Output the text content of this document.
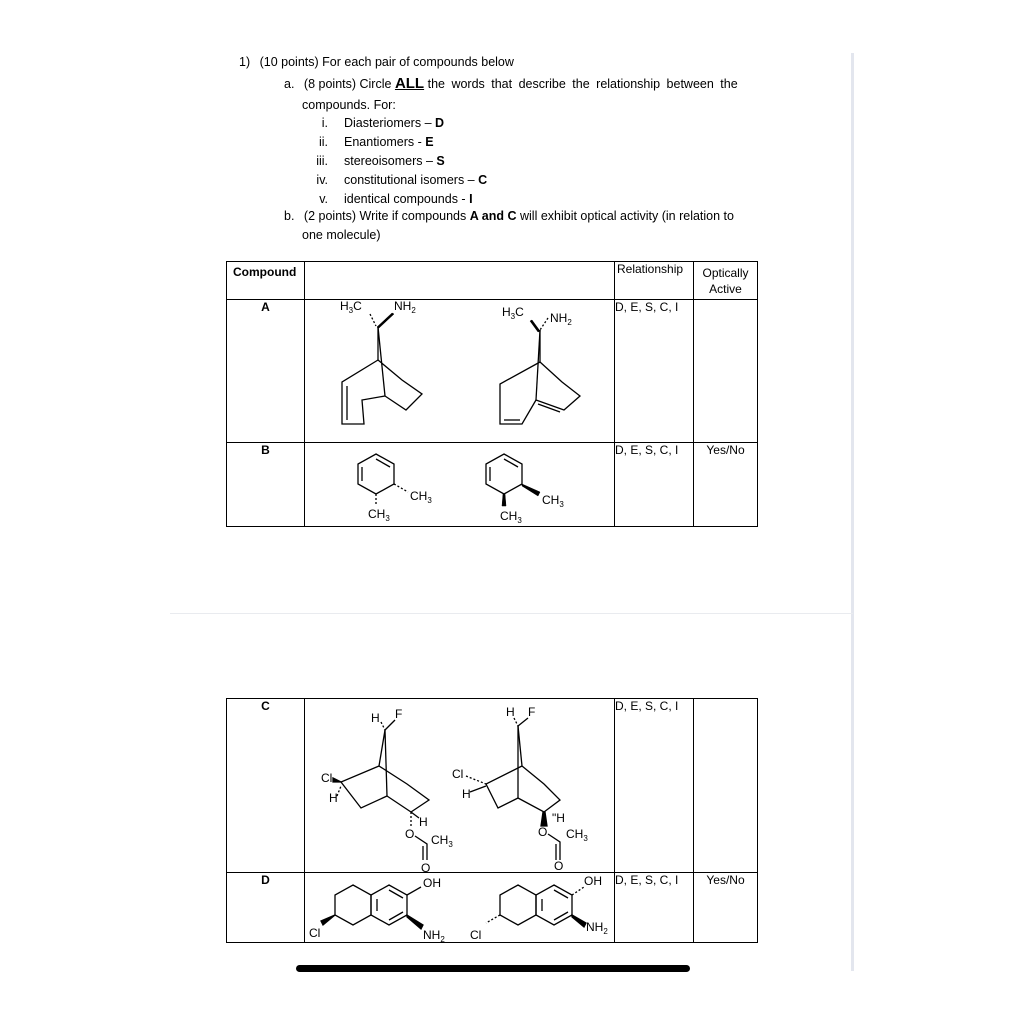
1) (10 points) For each pair of compounds below
a. (8 points) Circle ALL the words that describe the relationship between the
compounds. For:
i. Diasteriomers – D
ii. Enantiomers - E
iii. stereoisomers – S
iv. constitutional isomers – C
v. identical compounds - I
b. (2 points) Write if compounds A and C will exhibit optical activity (in relation to
one molecule)
Compound		Relationship	Optically
Active

A		D, E, S, C, I	
B		D, E, S, C, I	Yes/No
C		D, E, S, C, I	
D		D, E, S, C, I	Yes/No
$H_3C$	$NH_2$	$H_3C$ $NH_2$
$CH_3$
$CH_3$
$CH_3$
$CH_3$
H F
Cl
H
H
O $CH_3$
O
H F
Cl
H
"H
O $CH_3$
O
OH
$NH_2$
Cl
OH
$NH_2$
Cl
